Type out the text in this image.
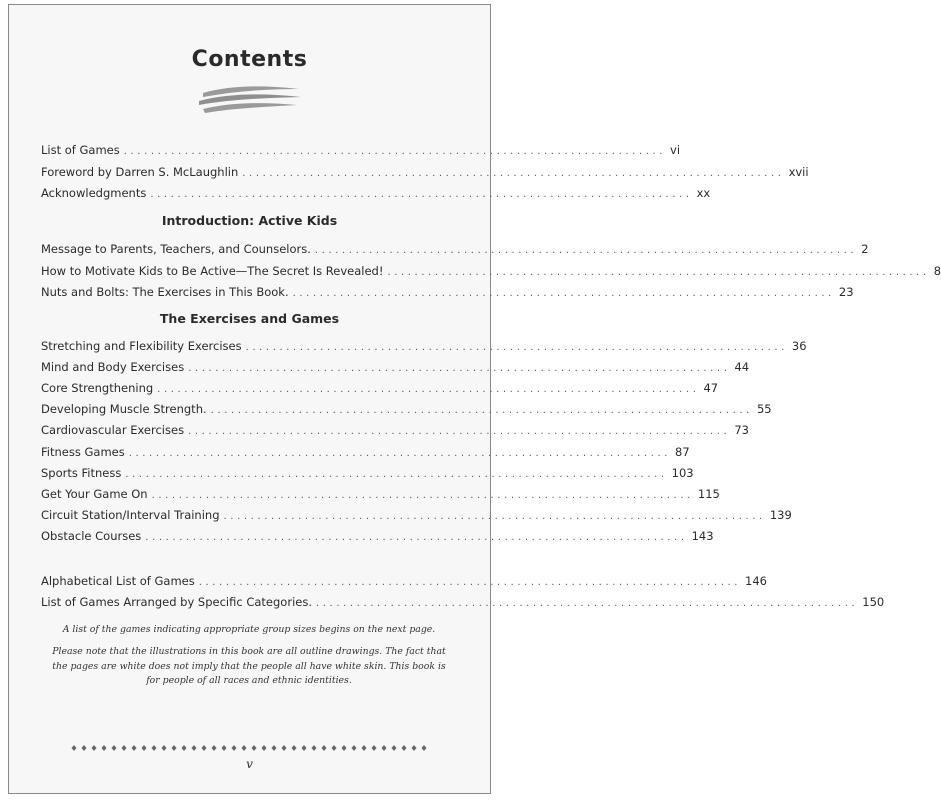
Contents
List of Games ................................................................................ vi
Foreword by Darren S. McLaughlin ................................................................................ xvii
Acknowledgments ................................................................................ xx
Introduction: Active Kids
Message to Parents, Teachers, and Counselors. ................................................................................ 2
How to Motivate Kids to Be Active—The Secret Is Revealed! ................................................................................ 8
Nuts and Bolts: The Exercises in This Book. ................................................................................ 23
The Exercises and Games
Stretching and Flexibility Exercises ................................................................................ 36
Mind and Body Exercises ................................................................................ 44
Core Strengthening ................................................................................ 47
Developing Muscle Strength. ................................................................................ 55
Cardiovascular Exercises ................................................................................ 73
Fitness Games ................................................................................ 87
Sports Fitness ................................................................................ 103
Get Your Game On ................................................................................ 115
Circuit Station/Interval Training ................................................................................ 139
Obstacle Courses ................................................................................ 143
Alphabetical List of Games ................................................................................ 146
List of Games Arranged by Specific Categories. ................................................................................ 150
A list of the games indicating appropriate group sizes begins on the next page.
Please note that the illustrations in this book are all outline drawings. The fact that the pages are white does not imply that the people all have white skin. This book is for people of all races and ethnic identities.
v
